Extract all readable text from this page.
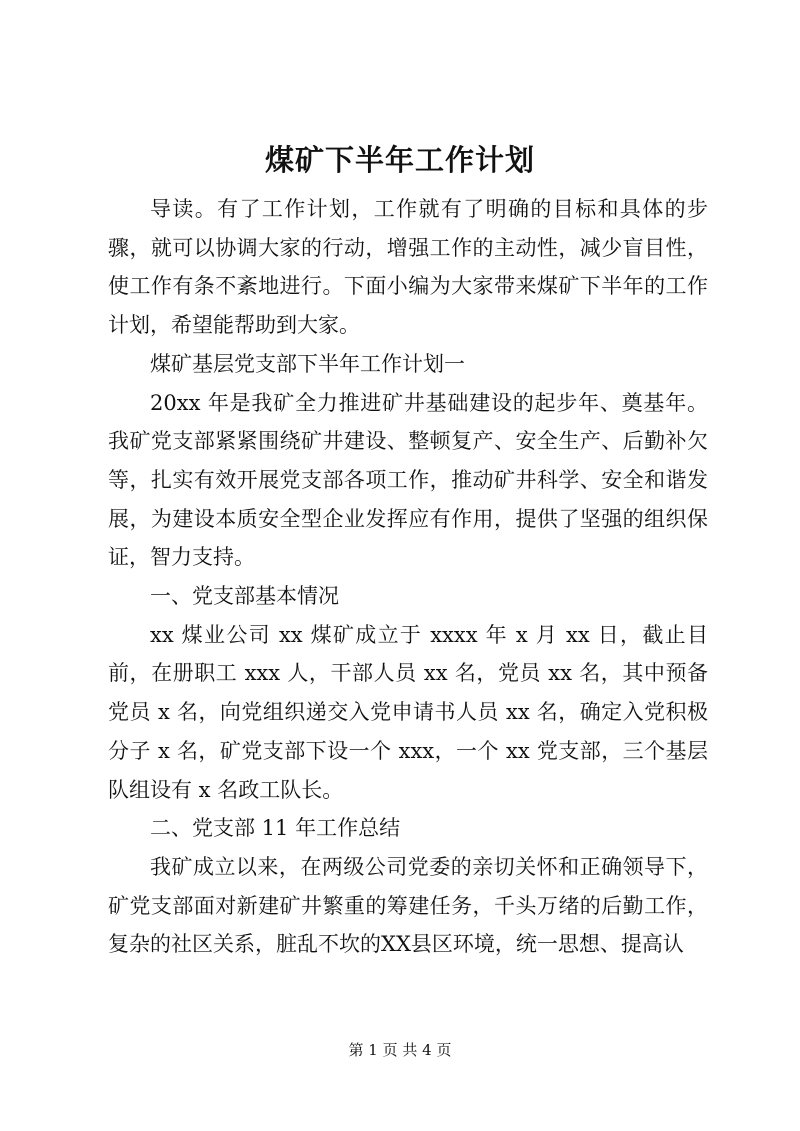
煤矿下半年工作计划

导读。有了工作计划，工作就有了明确的目标和具体的步骤，就可以协调大家的行动，增强工作的主动性，减少盲目性，使工作有条不紊地进行。下面小编为大家带来煤矿下半年的工作计划，希望能帮助到大家。

煤矿基层党支部下半年工作计划一

20xx 年是我矿全力推进矿井基础建设的起步年、奠基年。我矿党支部紧紧围绕矿井建设、整顿复产、安全生产、后勤补欠等，扎实有效开展党支部各项工作，推动矿井科学、安全和谐发展，为建设本质安全型企业发挥应有作用，提供了坚强的组织保证，智力支持。

一、党支部基本情况

xx 煤业公司 xx 煤矿成立于 xxxx 年 x 月 xx 日，截止目前，在册职工 xxx 人，干部人员 xx 名，党员 xx 名，其中预备党员 x 名，向党组织递交入党申请书人员 xx 名，确定入党积极分子 x 名，矿党支部下设一个 xxx，一个 xx 党支部，三个基层队组设有 x 名政工队长。

二、党支部 11 年工作总结

我矿成立以来，在两级公司党委的亲切关怀和正确领导下，矿党支部面对新建矿井繁重的筹建任务，千头万绪的后勤工作，复杂的社区关系，脏乱不坎的XX县区环境，统一思想、提高认

第 1 页 共 4 页
